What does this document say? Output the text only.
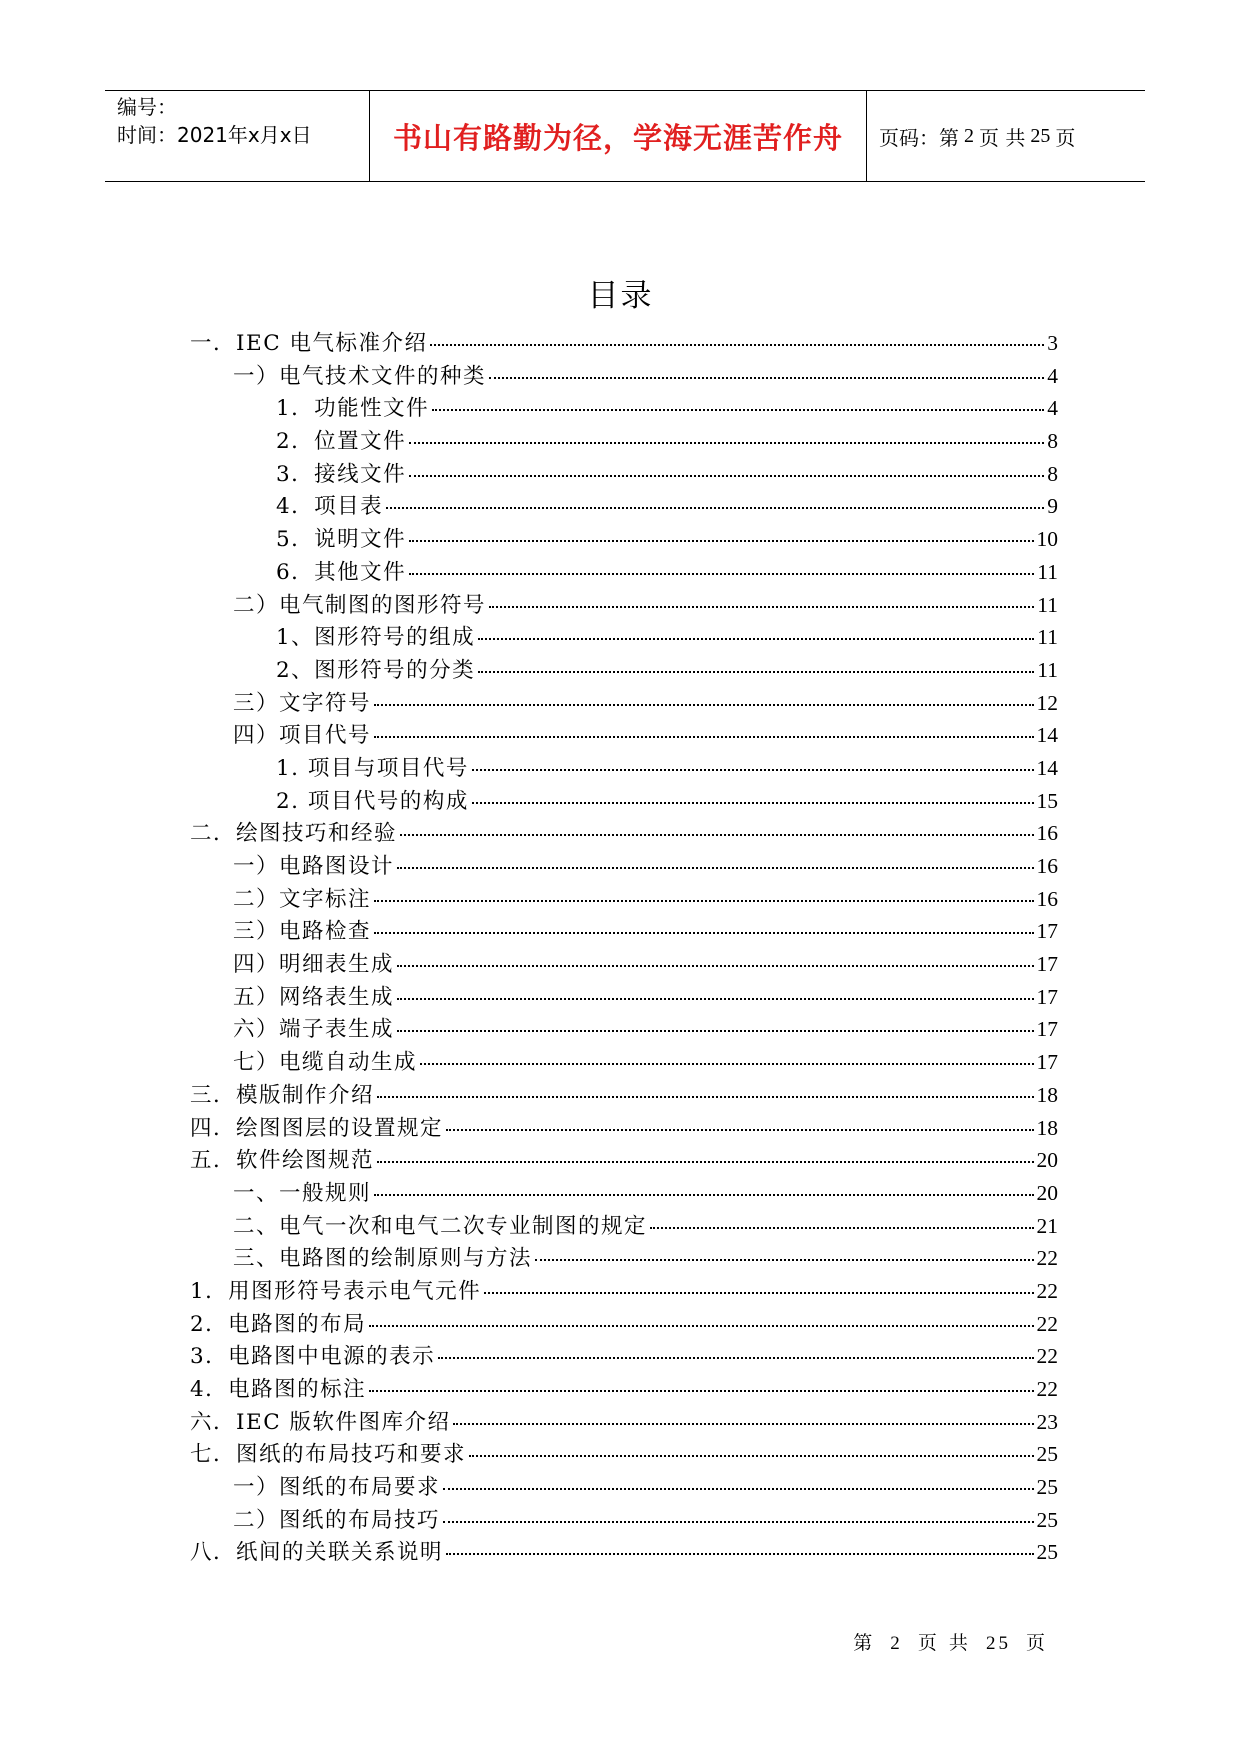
编号：
时间：2021年x月x日	书山有路勤为径，学海无涯苦作舟	页码：第 2 页 共 25 页
目录
一．IEC 电气标准介绍	3
一）电气技术文件的种类	4
1．功能性文件	4
2．位置文件	8
3．接线文件	8
4．项目表	9
5．说明文件	10
6．其他文件	11
二）电气制图的图形符号	11
1、图形符号的组成	11
2、图形符号的分类	11
三）文字符号	12
四）项目代号	14
1. 项目与项目代号	14
2. 项目代号的构成	15
二．绘图技巧和经验	16
一）电路图设计	16
二）文字标注	16
三）电路检查	17
四）明细表生成	17
五）网络表生成	17
六）端子表生成	17
七）电缆自动生成	17
三．模版制作介绍	18
四．绘图图层的设置规定	18
五．软件绘图规范	20
一、一般规则	20
二、电气一次和电气二次专业制图的规定	21
三、电路图的绘制原则与方法	22
1．用图形符号表示电气元件	22
2．电路图的布局	22
3．电路图中电源的表示	22
4．电路图的标注	22
六．IEC 版软件图库介绍	23
七．图纸的布局技巧和要求	25
一）图纸的布局要求	25
二）图纸的布局技巧	25
八．纸间的关联关系说明	25
第 2 页 共 25 页
